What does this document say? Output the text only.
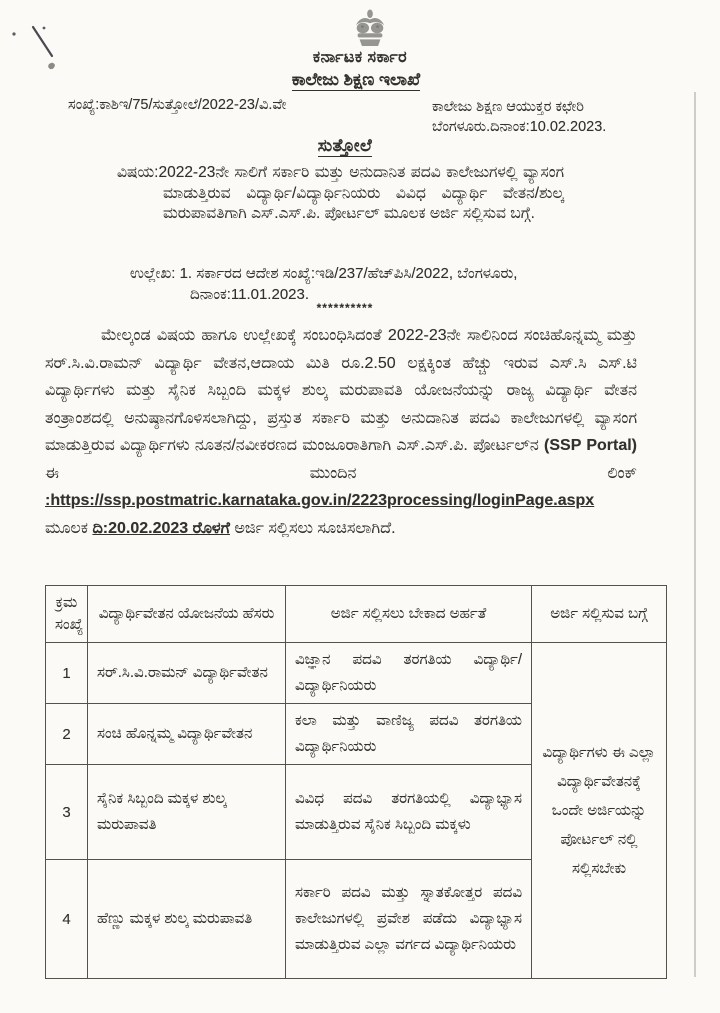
ಕರ್ನಾಟಕ ಸರ್ಕಾರ
ಕಾಲೇಜು ಶಿಕ್ಷಣ ಇಲಾಖೆ
ಸಂಖ್ಯೆ:ಕಾಶಿಇ/75/ಸುತ್ತೋಲೆ/2022-23/ವಿ.ವೇ	ಕಾಲೇಜು ಶಿಕ್ಷಣ ಆಯುಕ್ತರ ಕಛೇರಿ
ಬೆಂಗಳೂರು.ದಿನಾಂಕ:10.02.2023.
ಸುತ್ತೋಲೆ

ವಿಷಯ:2022-23ನೇ ಸಾಲಿಗೆ ಸರ್ಕಾರಿ ಮತ್ತು ಅನುದಾನಿತ ಪದವಿ ಕಾಲೇಜುಗಳಲ್ಲಿ ವ್ಯಾಸಂಗ ಮಾಡುತ್ತಿರುವ ವಿದ್ಯಾರ್ಥಿ/ವಿದ್ಯಾರ್ಥಿನಿಯರು ವಿವಿಧ ವಿದ್ಯಾರ್ಥಿ ವೇತನ/ಶುಲ್ಕ ಮರುಪಾವತಿಗಾಗಿ ಎಸ್.ಎಸ್.ಪಿ. ಪೋರ್ಟಲ್ ಮೂಲಕ ಅರ್ಜಿ ಸಲ್ಲಿಸುವ ಬಗ್ಗೆ.

ಉಲ್ಲೇಖ: 1. ಸರ್ಕಾರದ ಆದೇಶ ಸಂಖ್ಯೆ:ಇಡಿ/237/ಹೆಚ್‌ಪಿಸಿ/2022, ಬೆಂಗಳೂರು,
ದಿನಾಂಕ:11.01.2023.

**********

ಮೇಲ್ಕಂಡ ವಿಷಯ ಹಾಗೂ ಉಲ್ಲೇಖಕ್ಕೆ ಸಂಬಂಧಿಸಿದಂತೆ 2022-23ನೇ ಸಾಲಿನಿಂದ ಸಂಚಿಹೊನ್ನಮ್ಮ ಮತ್ತು ಸರ್.ಸಿ.ವಿ.ರಾಮನ್ ವಿದ್ಯಾರ್ಥಿ ವೇತನ,ಆದಾಯ ಮಿತಿ ರೂ.2.50 ಲಕ್ಷಕ್ಕಿಂತ ಹೆಚ್ಚು ಇರುವ ಎಸ್.ಸಿ ಎಸ್.ಟಿ ವಿದ್ಯಾರ್ಥಿಗಳು ಮತ್ತು ಸೈನಿಕ ಸಿಬ್ಬಂದಿ ಮಕ್ಕಳ ಶುಲ್ಕ ಮರುಪಾವತಿ ಯೋಜನೆಯನ್ನು ರಾಜ್ಯ ವಿದ್ಯಾರ್ಥಿ ವೇತನ ತಂತ್ರಾಂಶದಲ್ಲಿ ಅನುಷ್ಠಾನಗೊಳಿಸಲಾಗಿದ್ದು, ಪ್ರಸ್ತುತ ಸರ್ಕಾರಿ ಮತ್ತು ಅನುದಾನಿತ ಪದವಿ ಕಾಲೇಜುಗಳಲ್ಲಿ ವ್ಯಾಸಂಗ ಮಾಡುತ್ತಿರುವ ವಿದ್ಯಾರ್ಥಿಗಳು ನೂತನ/ನವೀಕರಣದ ಮಂಜೂರಾತಿಗಾಗಿ ಎಸ್.ಎಸ್.ಪಿ. ಪೋರ್ಟಲ್‌ನ (SSP Portal) ಈ ಮುಂದಿನ ಲಿಂಕ್ :https://ssp.postmatric.karnataka.gov.in/2223processing/loginPage.aspx ಮೂಲಕ ದಿ:20.02.2023 ರೊಳಗೆ ಅರ್ಜಿ ಸಲ್ಲಿಸಲು ಸೂಚಿಸಲಾಗಿದೆ.

ಕ್ರಮ ಸಂಖ್ಯೆ	ವಿದ್ಯಾರ್ಥಿವೇತನ ಯೋಜನೆಯ ಹೆಸರು	ಅರ್ಜಿ ಸಲ್ಲಿಸಲು ಬೇಕಾದ ಅರ್ಹತೆ	ಅರ್ಜಿ ಸಲ್ಲಿಸುವ ಬಗ್ಗೆ
1	ಸರ್.ಸಿ.ವಿ.ರಾಮನ್ ವಿದ್ಯಾರ್ಥಿವೇತನ	ವಿಜ್ಞಾನ ಪದವಿ ತರಗತಿಯ ವಿದ್ಯಾರ್ಥಿ/ವಿದ್ಯಾರ್ಥಿನಿಯರು	ವಿದ್ಯಾರ್ಥಿಗಳು ಈ ಎಲ್ಲಾ ವಿದ್ಯಾರ್ಥಿವೇತನಕ್ಕೆ ಒಂದೇ ಅರ್ಜಿಯನ್ನು ಪೋರ್ಟಲ್ ನಲ್ಲಿ ಸಲ್ಲಿಸಬೇಕು
2	ಸಂಚಿ ಹೊನ್ನಮ್ಮ ವಿದ್ಯಾರ್ಥಿವೇತನ	ಕಲಾ ಮತ್ತು ವಾಣಿಜ್ಯ ಪದವಿ ತರಗತಿಯ ವಿದ್ಯಾರ್ಥಿನಿಯರು	
3	ಸೈನಿಕ ಸಿಬ್ಬಂದಿ ಮಕ್ಕಳ ಶುಲ್ಕ ಮರುಪಾವತಿ	ವಿವಿಧ ಪದವಿ ತರಗತಿಯಲ್ಲಿ ವಿದ್ಯಾಭ್ಯಾಸ ಮಾಡುತ್ತಿರುವ ಸೈನಿಕ ಸಿಬ್ಬಂದಿ ಮಕ್ಕಳು	
4	ಹೆಣ್ಣು ಮಕ್ಕಳ ಶುಲ್ಕ ಮರುಪಾವತಿ	ಸರ್ಕಾರಿ ಪದವಿ ಮತ್ತು ಸ್ನಾತಕೋತ್ತರ ಪದವಿ ಕಾಲೇಜುಗಳಲ್ಲಿ ಪ್ರವೇಶ ಪಡೆದು ವಿದ್ಯಾಭ್ಯಾಸ ಮಾಡುತ್ತಿರುವ ಎಲ್ಲಾ ವರ್ಗದ ವಿದ್ಯಾರ್ಥಿನಿಯರು	
